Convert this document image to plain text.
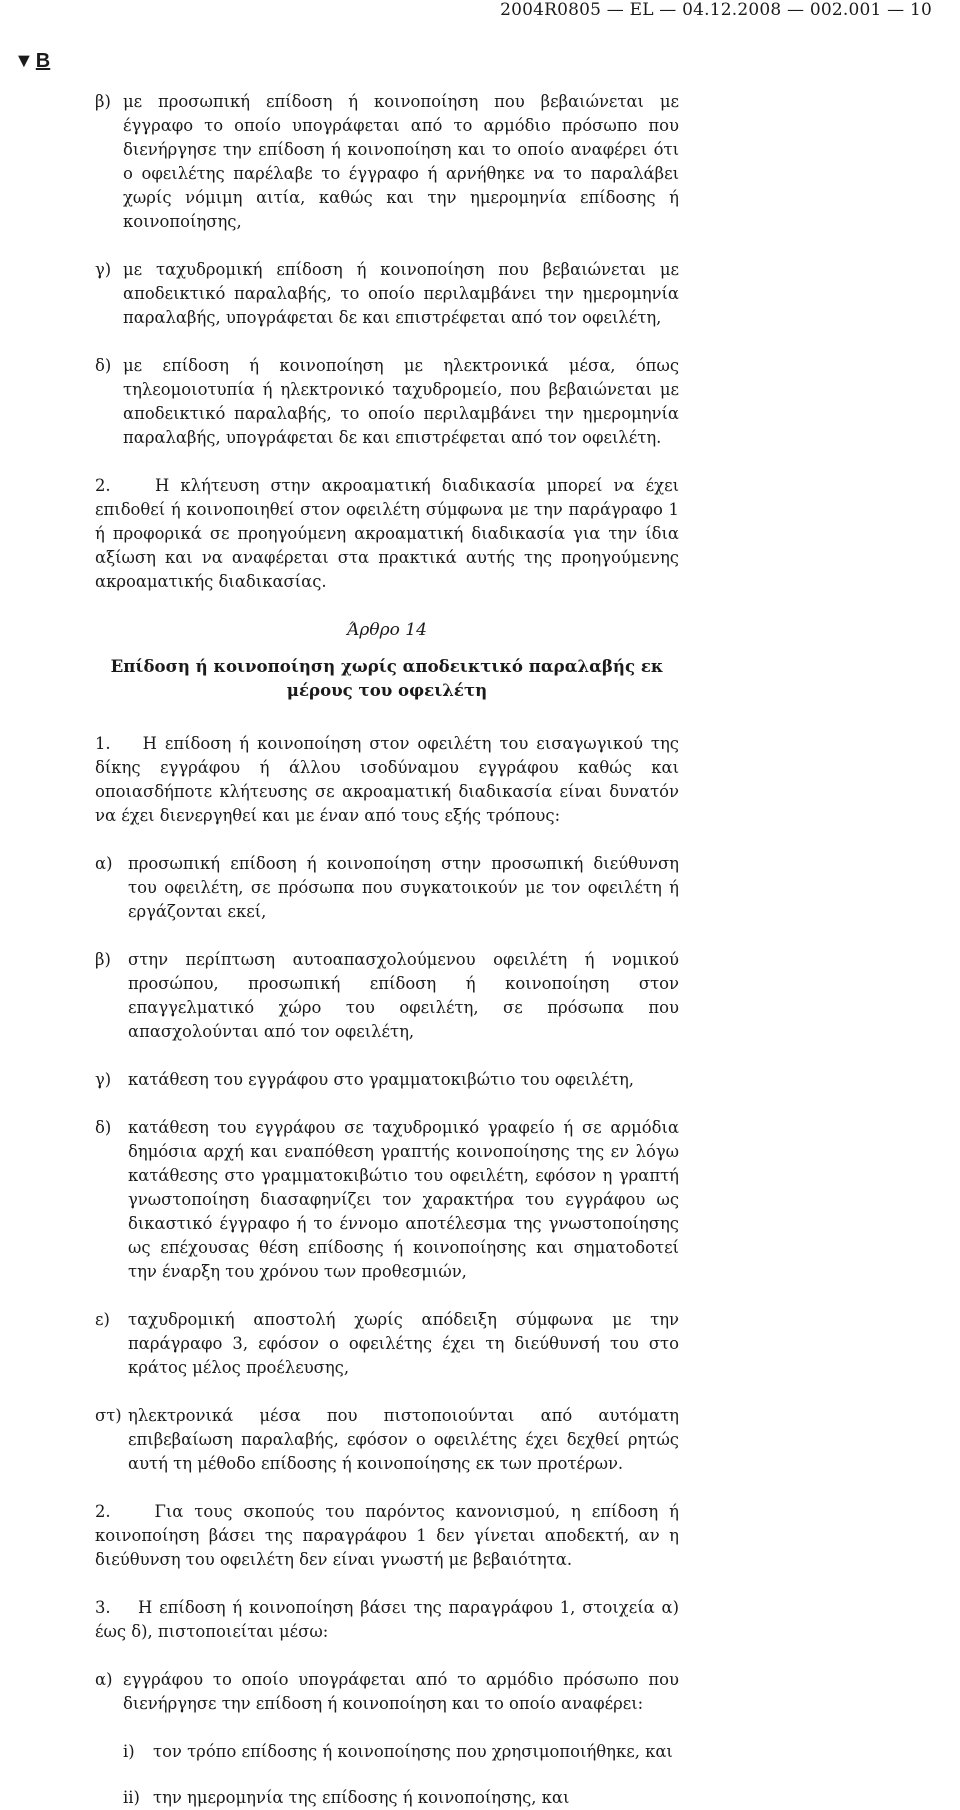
2004R0805 — EL — 04.12.2008 — 002.001 — 10
▼ B
β) με προσωπική επίδοση ή κοινοποίηση που βεβαιώνεται με έγγραφο το οποίο υπογράφεται από το αρμόδιο πρόσωπο που διενήργησε την επίδοση ή κοινοποίηση και το οποίο αναφέρει ότι ο οφειλέτης παρέλαβε το έγγραφο ή αρνήθηκε να το παραλάβει χωρίς νόμιμη αιτία, καθώς και την ημερομηνία επίδοσης ή κοινοποίησης,
γ) με ταχυδρομική επίδοση ή κοινοποίηση που βεβαιώνεται με αποδεικτικό παραλαβής, το οποίο περιλαμβάνει την ημερομηνία παραλαβής, υπογράφεται δε και επιστρέφεται από τον οφειλέτη,
δ) με επίδοση ή κοινοποίηση με ηλεκτρονικά μέσα, όπως τηλεομοιοτυπία ή ηλεκτρονικό ταχυδρομείο, που βεβαιώνεται με αποδεικτικό παραλαβής, το οποίο περιλαμβάνει την ημερομηνία παραλαβής, υπογράφεται δε και επιστρέφεται από τον οφειλέτη.

2.    Η κλήτευση στην ακροαματική διαδικασία μπορεί να έχει επιδοθεί ή κοινοποιηθεί στον οφειλέτη σύμφωνα με την παράγραφο 1 ή προφορικά σε προηγούμενη ακροαματική διαδικασία για την ίδια αξίωση και να αναφέρεται στα πρακτικά αυτής της προηγούμενης ακροαματικής διαδικασίας.

Άρθρο 14
Επίδοση ή κοινοποίηση χωρίς αποδεικτικό παραλαβής εκ μέρους του οφειλέτη

1.    Η επίδοση ή κοινοποίηση στον οφειλέτη του εισαγωγικού της δίκης εγγράφου ή άλλου ισοδύναμου εγγράφου καθώς και οποιασδήποτε κλήτευσης σε ακροαματική διαδικασία είναι δυνατόν να έχει διενεργηθεί και με έναν από τους εξής τρόπους:

α) προσωπική επίδοση ή κοινοποίηση στην προσωπική διεύθυνση του οφειλέτη, σε πρόσωπα που συγκατοικούν με τον οφειλέτη ή εργάζονται εκεί,
β)	στην περίπτωση αυτοαπασχολούμενου οφειλέτη ή νομικού προσώπου, προσωπική επίδοση ή κοινοποίηση στον επαγγελματικό χώρο του οφειλέτη, σε πρόσωπα που απασχολούνται από τον οφειλέτη,
γ)	κατάθεση του εγγράφου στο γραμματοκιβώτιο του οφειλέτη,
δ)	κατάθεση του εγγράφου σε ταχυδρομικό γραφείο ή σε αρμόδια δημόσια αρχή και εναπόθεση γραπτής κοινοποίησης της εν λόγω κατάθεσης στο γραμματοκιβώτιο του οφειλέτη, εφόσον η γραπτή γνωστοποίηση διασαφηνίζει τον χαρακτήρα του εγγράφου ως δικαστικό έγγραφο ή το έννομο αποτέλεσμα της γνωστοποίησης ως επέχουσας θέση επίδοσης ή κοινοποίησης και σηματοδοτεί την έναρξη του χρόνου των προθεσμιών,
ε)	ταχυδρομική αποστολή χωρίς απόδειξη σύμφωνα με την παράγραφο 3, εφόσον ο οφειλέτης έχει τη διεύθυνσή του στο κράτος μέλος προέλευσης,
στ) ηλεκτρονικά μέσα που πιστοποιούνται από αυτόματη επιβεβαίωση παραλαβής, εφόσον ο οφειλέτης έχει δεχθεί ρητώς αυτή τη μέθοδο επίδοσης ή κοινοποίησης εκ των προτέρων.

2.    Για τους σκοπούς του παρόντος κανονισμού, η επίδοση ή κοινοποίηση βάσει της παραγράφου 1 δεν γίνεται αποδεκτή, αν η διεύθυνση του οφειλέτη δεν είναι γνωστή με βεβαιότητα.

3.    Η επίδοση ή κοινοποίηση βάσει της παραγράφου 1, στοιχεία α) έως δ), πιστοποιείται μέσω:

α) εγγράφου το οποίο υπογράφεται από το αρμόδιο πρόσωπο που διενήργησε την επίδοση ή κοινοποίηση και το οποίο αναφέρει:
i)	τον τρόπο επίδοσης ή κοινοποίησης που χρησιμοποιήθηκε, και
ii) την ημερομηνία της επίδοσης ή κοινοποίησης, και
